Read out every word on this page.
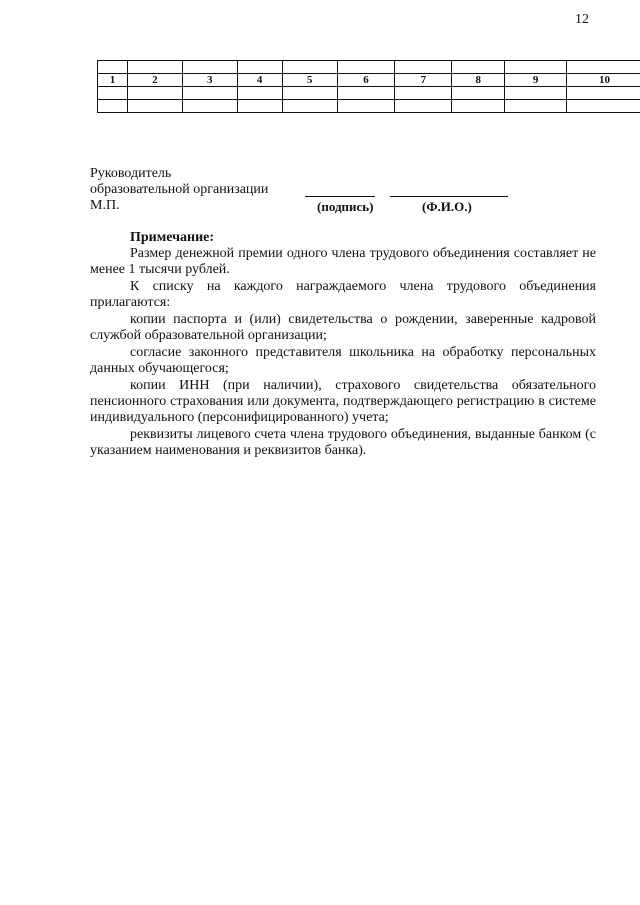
12

1	2	3	4	5	6	7	8	9	10

Руководитель
образовательной организации
М.П.	(подпись)	(Ф.И.О.)
Примечание:

Размер денежной премии одного члена трудового объединения составляет не менее 1 тысячи рублей.

К списку на каждого награждаемого члена трудового объединения прилагаются:

копии паспорта и (или) свидетельства о рождении, заверенные кадровой службой образовательной организации;

согласие законного представителя школьника на обработку персональных данных обучающегося;

копии ИНН (при наличии), страхового свидетельства обязательного пенсионного страхования или документа, подтверждающего регистрацию в системе индивидуального (персонифицированного) учета;

реквизиты лицевого счета члена трудового объединения, выданные банком (с указанием наименования и реквизитов банка).
